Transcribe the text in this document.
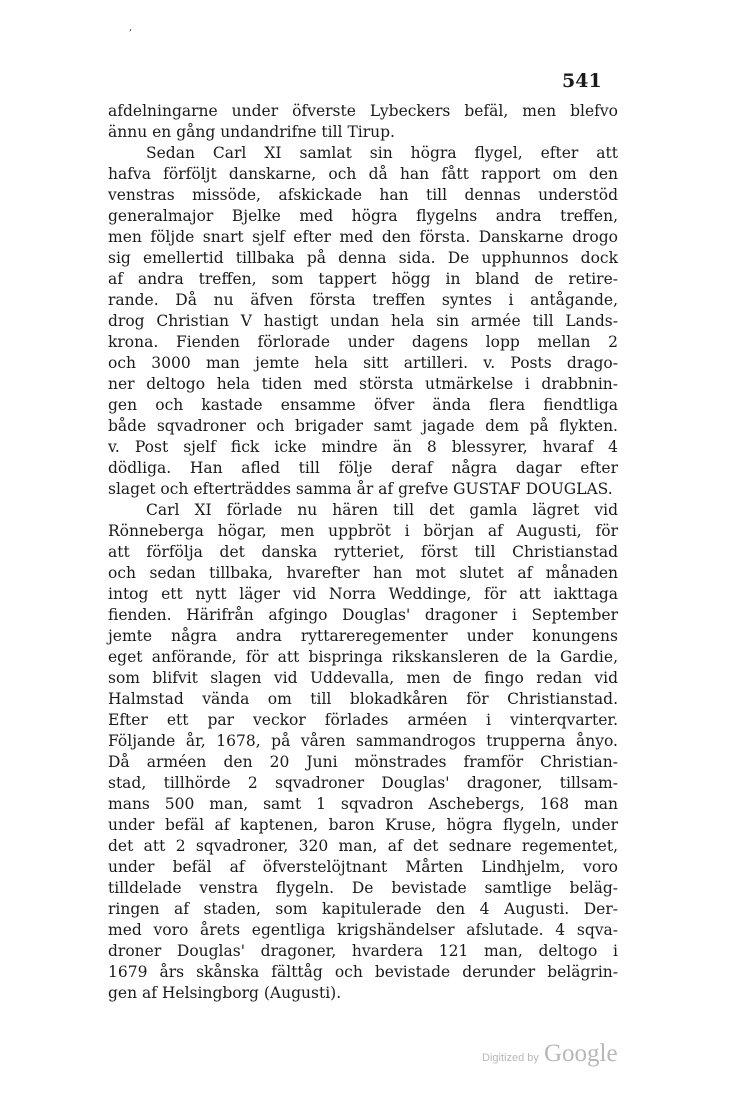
,
541
afdelningarne under öfverste Lybeckers befäl, men blefvo
ännu en gång undandrifne till Tirup.
Sedan Carl XI samlat sin högra flygel, efter att
hafva förföljt danskarne, och då han fått rapport om den
venstras missöde, afskickade han till dennas understöd
generalmajor Bjelke med högra flygelns andra treffen,
men följde snart sjelf efter med den första. Danskarne drogo
sig emellertid tillbaka på denna sida. De upphunnos dock
af andra treffen, som tappert högg in bland de retire-
rande. Då nu äfven första treffen syntes i antågande,
drog Christian V hastigt undan hela sin arméе till Lands-
krona. Fienden förlorade under dagens lopp mellan 2
och 3000 man jemte hela sitt artilleri. v. Posts drago-
ner deltogo hela tiden med största utmärkelse i drabbnin-
gen och kastade ensamme öfver ända flera fiendtliga
både sqvadroner och brigader samt jagade dem på flykten.
v. Post sjelf fick icke mindre än 8 blessyrer, hvaraf 4
dödliga. Han afled till följe deraf några dagar efter
slaget och efterträddes samma år af grefve GUSTAF DOUGLAS.
Carl XI förlade nu hären till det gamla lägret vid
Rönneberga högar, men uppbröt i början af Augusti, för
att förfölja det danska rytteriet, först till Christianstad
och sedan tillbaka, hvarefter han mot slutet af månaden
intog ett nytt läger vid Norra Weddinge, för att iakttaga
fienden. Härifrån afgingo Douglas' dragoner i September
jemte några andra ryttareregementer under konungens
eget anförande, för att bispringa rikskansleren de la Gardie,
som blifvit slagen vid Uddevalla, men de fingo redan vid
Halmstad vända om till blokadkåren för Christianstad.
Efter ett par veckor förlades arméen i vinterqvarter.
Följande år, 1678, på våren sammandrogos trupperna ånyo.
Då arméen den 20 Juni mönstrades framför Christian-
stad, tillhörde 2 sqvadroner Douglas' dragoner, tillsam-
mans 500 man, samt 1 sqvadron Aschebergs, 168 man
under befäl af kaptenen, baron Kruse, högra flygeln, under
det att 2 sqvadroner, 320 man, af det sednare regementet,
under befäl af öfverstelöjtnant Mårten Lindhjelm, voro
tilldelade venstra flygeln. De bevistade samtlige beläg-
ringen af staden, som kapitulerade den 4 Augusti. Der-
med voro årets egentliga krigshändelser afslutade. 4 sqva-
droner Douglas' dragoner, hvardera 121 man, deltogo i
1679 års skånska fälttåg och bevistade derunder belägrin-
gen af Helsingborg (Augusti).
Digitized by Google
